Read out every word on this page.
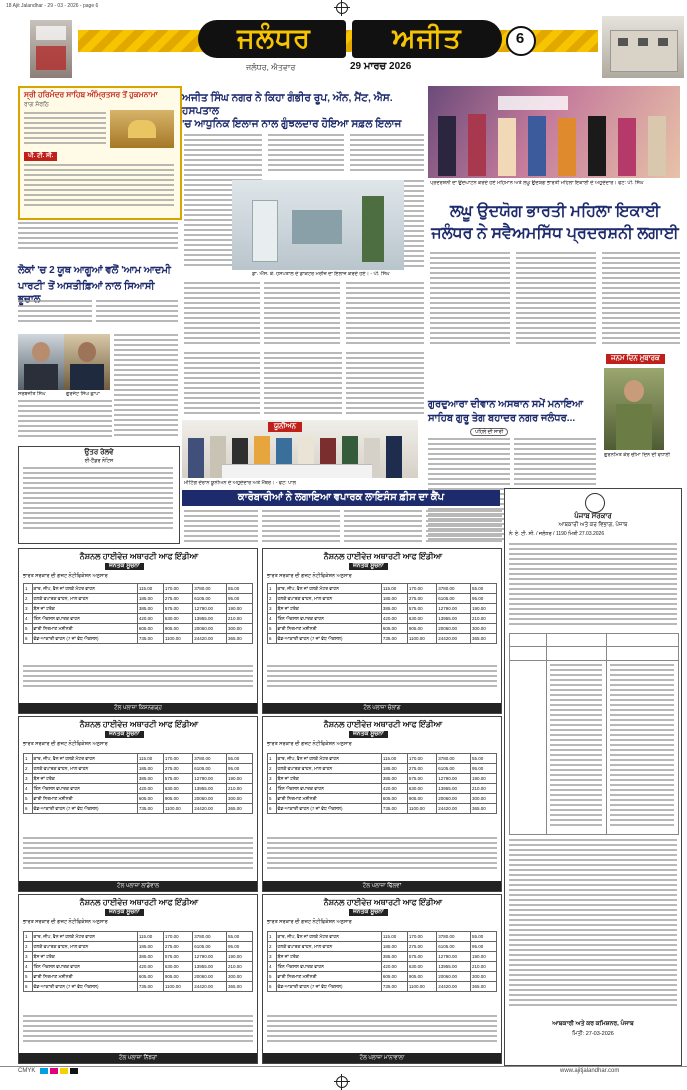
18 Ajit Jalandhar - 29 - 03 - 2026 - page 6
ਜਲੰਧਰ	ਅਜੀਤ	6
ਜਲੰਧਰ, ਐਤਵਾਰ	29 ਮਾਰਚ 2026
ਸ੍ਰੀ ਹਰਿਮੰਦਰ ਸਾਹਿਬ ਅੰਮ੍ਰਿਤਸਰ ਤੋਂ ਹੁਕਮਨਾਮਾ
ਰਾਗ ਸੋਰਠਿ
ਪੀ. ਟੀ. ਸੀ.
ਅਜੀਤ ਸਿੰਘ ਨਗਰ ਨੇ ਕਿਹਾ ਗੰਭੀਰ ਰੂਪ, ਔਨ, ਮੈਂਟ, ਐਸ. ਹਸਪਤਾਲ
'ਚ ਆਧੁਨਿਕ ਇਲਾਜ ਨਾਲ ਗੁੰਝਲਦਾਰ ਹੋਇਆ ਸਫ਼ਲ ਇਲਾਜ
ਡਾ. ਐੱਸ. ਕੇ. ਹਸਪਤਾਲ ਦੇ ਡਾਕਟਰ ਮਰੀਜ਼ ਦਾ ਇਲਾਜ ਕਰਦੇ ਹੋਏ। - ਪੀ. ਸਿੰਘ
ਪ੍ਰਦਰਸ਼ਨੀ ਦਾ ਉਦਘਾਟਨ ਕਰਦੇ ਹੋਏ ਮਹਿਮਾਨ ਅਤੇ ਲਘੂ ਉਦਯੋਗ ਭਾਰਤੀ ਮਹਿਲਾ ਇਕਾਈ ਦੇ ਅਹੁਦੇਦਾਰ। ਫੋਟੋ: ਪੀ. ਸਿੰਘ
ਲਘੂ ਉਦਯੋਗ ਭਾਰਤੀ ਮਹਿਲਾ ਇਕਾਈ
ਜਲੰਧਰ ਨੇ ਸਵੈਅਮਸਿੱਧ ਪ੍ਰਦਰਸ਼ਨੀ ਲਗਾਈ
ਲੋਕਾਂ 'ਚ 2 ਯੂਥ ਆਗੂਆਂ ਵਲੋਂ 'ਆਮ ਆਦਮੀ
ਪਾਰਟੀ' ਤੋਂ ਅਸਤੀਫ਼ਿਆਂ ਨਾਲ ਸਿਆਸੀ
ਸਰਬਜੀਤ ਸਿੰਘ	ਗੁਰਜੰਟ ਸਿੰਘ ਛਾਪਾ
ਉਤਰ ਰੇਲਵੇ
ਈ-ਟੈਂਡਰ ਨੋਟਿਸ
ਯੂਨੀਅਨ
ਮੀਟਿੰਗ ਦੌਰਾਨ ਯੂਨੀਅਨ ਦੇ ਅਹੁਦੇਦਾਰ ਅਤੇ ਮੈਂਬਰ। - ਫੋਟੋ: ਪਾਲ
ਗੁਰਦੁਆਰਾ ਦੀਵਾਨ ਅਸਥਾਨ ਸਮੇਂ ਮਨਾਇਆ
ਸਾਹਿਬ ਗੁਰੂ ਤੇਗ ਬਹਾਦਰ ਨਗਰ ਜਲੰਧਰ...
ਪਹਿਲੇ ਦੀ ਸਾਰੀ
ਜਨਮ ਦਿਨ ਮੁਬਾਰਕ
ਗੁਰਨਮਿਤ ਕੌਰ ਚੀਮਾ ਦਿਨ ਦੀ ਵਧਾਈ
ਕਾਰੋਬਾਰੀਆਂ ਨੇ ਲਗਾਇਆ ਵਪਾਰਕ ਲਾਇਸੰਸ ਫ਼ੀਸ ਦਾ ਕੈਂਪ
ਪੰਜਾਬ ਸਰਕਾਰ
ਆਬਕਾਰੀ ਅਤੇ ਕਰ ਵਿਭਾਗ, ਪੰਜਾਬ
ਨੰ: ਏ. ਟੀ. ਸੀ. / ਜਲੰਧਰ / 1190 ਮਿਤੀ 27.03.2026
ਆਬਕਾਰੀ ਅਤੇ ਕਰ ਕਮਿਸ਼ਨਰ, ਪੰਜਾਬ
ਮਿਤੀ: 27-03-2026
ਨੈਸ਼ਨਲ ਹਾਈਵੇਜ਼ ਅਥਾਰਟੀ ਆਫ ਇੰਡੀਆ
ਜਨਤਕ ਸੂਚਨਾ
ਭਾਰਤ ਸਰਕਾਰ ਦੀ ਗਜ਼ਟ ਨੋਟੀਫਿਕੇਸ਼ਨ ਅਨੁਸਾਰ
1	ਕਾਰ, ਜੀਪ, ਵੈਨ ਜਾਂ ਹਲਕੇ ਮੋਟਰ ਵਾਹਨ	115.00	170.00	3780.00	55.00
2	ਹਲਕੇ ਵਪਾਰਕ ਵਾਹਨ, ਮਾਲ ਵਾਹਨ	185.00	275.00	6105.00	95.00
3	ਬੱਸ ਜਾਂ ਟਰੱਕ	385.00	575.00	12790.00	190.00
4	ਤਿੰਨ ਐਕਸਲ ਵਪਾਰਕ ਵਾਹਨ	420.00	630.00	13955.00	210.00
5	ਭਾਰੀ ਨਿਰਮਾਣ ਮਸ਼ੀਨਰੀ	605.00	905.00	20060.00	300.00
6	ਵੱਡ-ਆਕਾਰੀ ਵਾਹਨ (7 ਜਾਂ ਵੱਧ ਐਕਸਲ)	735.00	1100.00	24420.00	365.00
ਟੋਲ ਪਲਾਜ਼ਾ ਕਿਸ਼ਨਗੜ੍ਹ
ਨੈਸ਼ਨਲ ਹਾਈਵੇਜ਼ ਅਥਾਰਟੀ ਆਫ ਇੰਡੀਆ
ਜਨਤਕ ਸੂਚਨਾ
ਭਾਰਤ ਸਰਕਾਰ ਦੀ ਗਜ਼ਟ ਨੋਟੀਫਿਕੇਸ਼ਨ ਅਨੁਸਾਰ
1	ਕਾਰ, ਜੀਪ, ਵੈਨ ਜਾਂ ਹਲਕੇ ਮੋਟਰ ਵਾਹਨ	115.00	170.00	3780.00	55.00
2	ਹਲਕੇ ਵਪਾਰਕ ਵਾਹਨ, ਮਾਲ ਵਾਹਨ	185.00	275.00	6105.00	95.00
3	ਬੱਸ ਜਾਂ ਟਰੱਕ	385.00	575.00	12790.00	190.00
4	ਤਿੰਨ ਐਕਸਲ ਵਪਾਰਕ ਵਾਹਨ	420.00	630.00	13955.00	210.00
5	ਭਾਰੀ ਨਿਰਮਾਣ ਮਸ਼ੀਨਰੀ	605.00	905.00	20060.00	300.00
6	ਵੱਡ-ਆਕਾਰੀ ਵਾਹਨ (7 ਜਾਂ ਵੱਧ ਐਕਸਲ)	735.00	1100.00	24420.00	365.00
ਟੋਲ ਪਲਾਜ਼ਾ ਚੋਲਾਂਗ
ਨੈਸ਼ਨਲ ਹਾਈਵੇਜ਼ ਅਥਾਰਟੀ ਆਫ ਇੰਡੀਆ
ਜਨਤਕ ਸੂਚਨਾ
ਭਾਰਤ ਸਰਕਾਰ ਦੀ ਗਜ਼ਟ ਨੋਟੀਫਿਕੇਸ਼ਨ ਅਨੁਸਾਰ
1	ਕਾਰ, ਜੀਪ, ਵੈਨ ਜਾਂ ਹਲਕੇ ਮੋਟਰ ਵਾਹਨ	115.00	170.00	3780.00	55.00
2	ਹਲਕੇ ਵਪਾਰਕ ਵਾਹਨ, ਮਾਲ ਵਾਹਨ	185.00	275.00	6105.00	95.00
3	ਬੱਸ ਜਾਂ ਟਰੱਕ	385.00	575.00	12790.00	190.00
4	ਤਿੰਨ ਐਕਸਲ ਵਪਾਰਕ ਵਾਹਨ	420.00	630.00	13955.00	210.00
5	ਭਾਰੀ ਨਿਰਮਾਣ ਮਸ਼ੀਨਰੀ	605.00	905.00	20060.00	300.00
6	ਵੱਡ-ਆਕਾਰੀ ਵਾਹਨ (7 ਜਾਂ ਵੱਧ ਐਕਸਲ)	735.00	1100.00	24420.00	365.00
ਟੋਲ ਪਲਾਜ਼ਾ ਲਾਡੋਵਾਲ
ਨੈਸ਼ਨਲ ਹਾਈਵੇਜ਼ ਅਥਾਰਟੀ ਆਫ ਇੰਡੀਆ
ਜਨਤਕ ਸੂਚਨਾ
ਭਾਰਤ ਸਰਕਾਰ ਦੀ ਗਜ਼ਟ ਨੋਟੀਫਿਕੇਸ਼ਨ ਅਨੁਸਾਰ
1	ਕਾਰ, ਜੀਪ, ਵੈਨ ਜਾਂ ਹਲਕੇ ਮੋਟਰ ਵਾਹਨ	115.00	170.00	3780.00	55.00
2	ਹਲਕੇ ਵਪਾਰਕ ਵਾਹਨ, ਮਾਲ ਵਾਹਨ	185.00	275.00	6105.00	95.00
3	ਬੱਸ ਜਾਂ ਟਰੱਕ	385.00	575.00	12790.00	190.00
4	ਤਿੰਨ ਐਕਸਲ ਵਪਾਰਕ ਵਾਹਨ	420.00	630.00	13955.00	210.00
5	ਭਾਰੀ ਨਿਰਮਾਣ ਮਸ਼ੀਨਰੀ	605.00	905.00	20060.00	300.00
6	ਵੱਡ-ਆਕਾਰੀ ਵਾਹਨ (7 ਜਾਂ ਵੱਧ ਐਕਸਲ)	735.00	1100.00	24420.00	365.00
ਟੋਲ ਪਲਾਜ਼ਾ ਢਿੱਲਵਾਂ
ਨੈਸ਼ਨਲ ਹਾਈਵੇਜ਼ ਅਥਾਰਟੀ ਆਫ ਇੰਡੀਆ
ਜਨਤਕ ਸੂਚਨਾ
ਭਾਰਤ ਸਰਕਾਰ ਦੀ ਗਜ਼ਟ ਨੋਟੀਫਿਕੇਸ਼ਨ ਅਨੁਸਾਰ
1	ਕਾਰ, ਜੀਪ, ਵੈਨ ਜਾਂ ਹਲਕੇ ਮੋਟਰ ਵਾਹਨ	115.00	170.00	3780.00	55.00
2	ਹਲਕੇ ਵਪਾਰਕ ਵਾਹਨ, ਮਾਲ ਵਾਹਨ	185.00	275.00	6105.00	95.00
3	ਬੱਸ ਜਾਂ ਟਰੱਕ	385.00	575.00	12790.00	190.00
4	ਤਿੰਨ ਐਕਸਲ ਵਪਾਰਕ ਵਾਹਨ	420.00	630.00	13955.00	210.00
5	ਭਾਰੀ ਨਿਰਮਾਣ ਮਸ਼ੀਨਰੀ	605.00	905.00	20060.00	300.00
6	ਵੱਡ-ਆਕਾਰੀ ਵਾਹਨ (7 ਜਾਂ ਵੱਧ ਐਕਸਲ)	735.00	1100.00	24420.00	365.00
ਟੋਲ ਪਲਾਜ਼ਾ ਨਿੱਝਰਾਂ
ਨੈਸ਼ਨਲ ਹਾਈਵੇਜ਼ ਅਥਾਰਟੀ ਆਫ ਇੰਡੀਆ
ਜਨਤਕ ਸੂਚਨਾ
ਭਾਰਤ ਸਰਕਾਰ ਦੀ ਗਜ਼ਟ ਨੋਟੀਫਿਕੇਸ਼ਨ ਅਨੁਸਾਰ
1	ਕਾਰ, ਜੀਪ, ਵੈਨ ਜਾਂ ਹਲਕੇ ਮੋਟਰ ਵਾਹਨ	115.00	170.00	3780.00	55.00
2	ਹਲਕੇ ਵਪਾਰਕ ਵਾਹਨ, ਮਾਲ ਵਾਹਨ	185.00	275.00	6105.00	95.00
3	ਬੱਸ ਜਾਂ ਟਰੱਕ	385.00	575.00	12790.00	190.00
4	ਤਿੰਨ ਐਕਸਲ ਵਪਾਰਕ ਵਾਹਨ	420.00	630.00	13955.00	210.00
5	ਭਾਰੀ ਨਿਰਮਾਣ ਮਸ਼ੀਨਰੀ	605.00	905.00	20060.00	300.00
6	ਵੱਡ-ਆਕਾਰੀ ਵਾਹਨ (7 ਜਾਂ ਵੱਧ ਐਕਸਲ)	735.00	1100.00	24420.00	365.00
ਟੋਲ ਪਲਾਜ਼ਾ ਮਾਨਾਵਾਲਾ
CMYK	www.ajitjalandhar.com
